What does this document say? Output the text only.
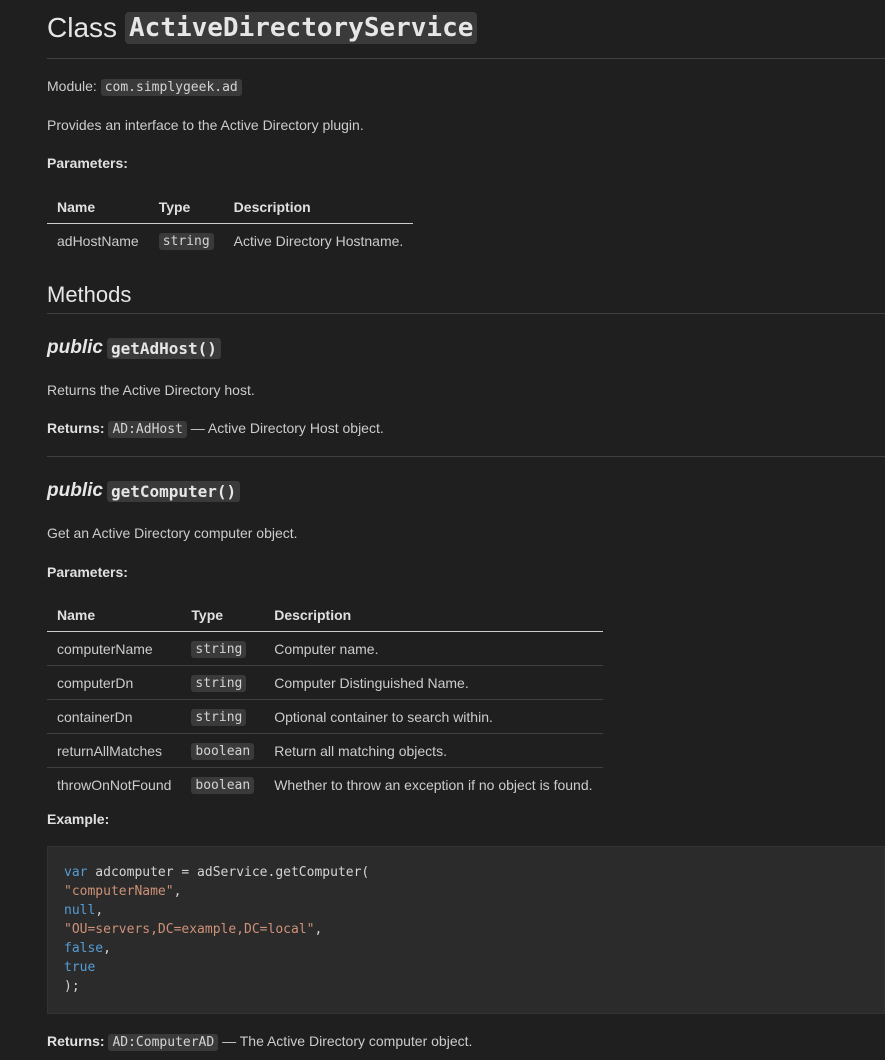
Class ActiveDirectoryService
Module: com.simplygeek.ad
Provides an interface to the Active Directory plugin.
Parameters:
Name	Type	Description
adHostName	string	Active Directory Hostname.
Methods
public getAdHost()
Returns the Active Directory host.
Returns: AD:AdHost — Active Directory Host object.
public getComputer()
Get an Active Directory computer object.
Parameters:
Name	Type	Description
computerName	string	Computer name.
computerDn	string	Computer Distinguished Name.
containerDn	string	Optional container to search within.
returnAllMatches	boolean	Return all matching objects.
throwOnNotFound	boolean	Whether to throw an exception if no object is found.
Example:
var adcomputer = adService.getComputer(
"computerName",
null,
"OU=servers,DC=example,DC=local",
false,
true
);
Returns: AD:ComputerAD — The Active Directory computer object.
